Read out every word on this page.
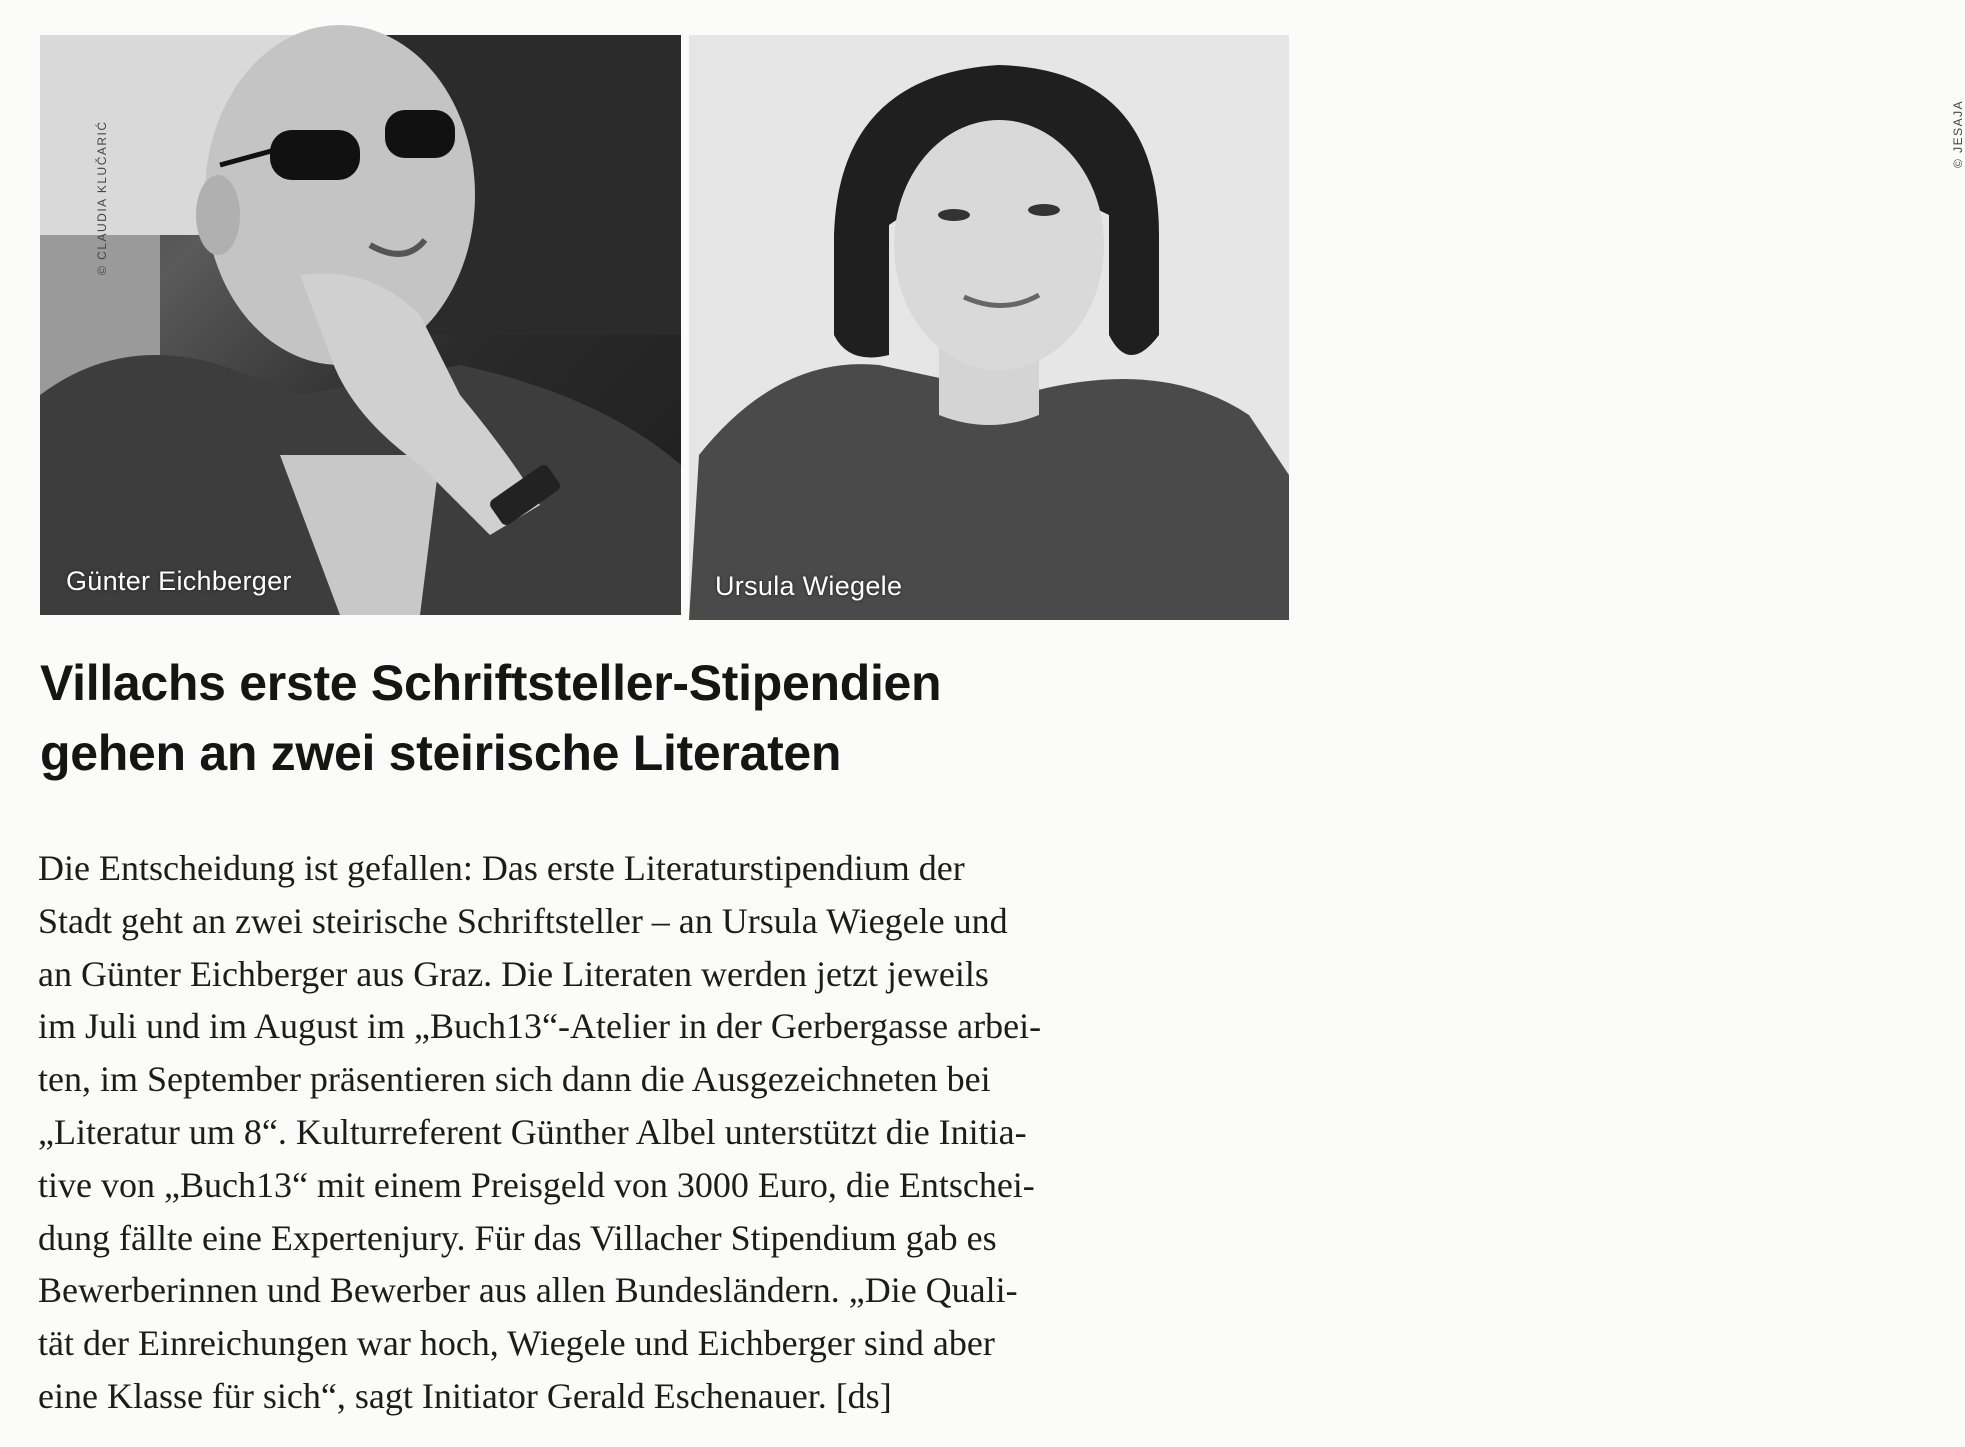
© CLAUDIA KLUČARIĆ
Günter Eichberger
© JESAJA
Ursula Wiegele
Villachs erste Schriftsteller-Stipendien
gehen an zwei steirische Literaten
Die Entscheidung ist gefallen: Das erste Literaturstipendium der
Stadt geht an zwei steirische Schriftsteller – an Ursula Wiegele und
an Günter Eichberger aus Graz. Die Literaten werden jetzt jeweils
im Juli und im August im „Buch13“-Atelier in der Gerbergasse arbei-
ten, im September präsentieren sich dann die Ausgezeichneten bei
„Literatur um 8“. Kulturreferent Günther Albel unterstützt die Initia-
tive von „Buch13“ mit einem Preisgeld von 3000 Euro, die Entschei-
dung fällte eine Expertenjury. Für das Villacher Stipendium gab es
Bewerberinnen und Bewerber aus allen Bundesländern. „Die Quali-
tät der Einreichungen war hoch, Wiegele und Eichberger sind aber
eine Klasse für sich“, sagt Initiator Gerald Eschenauer. [ds]
